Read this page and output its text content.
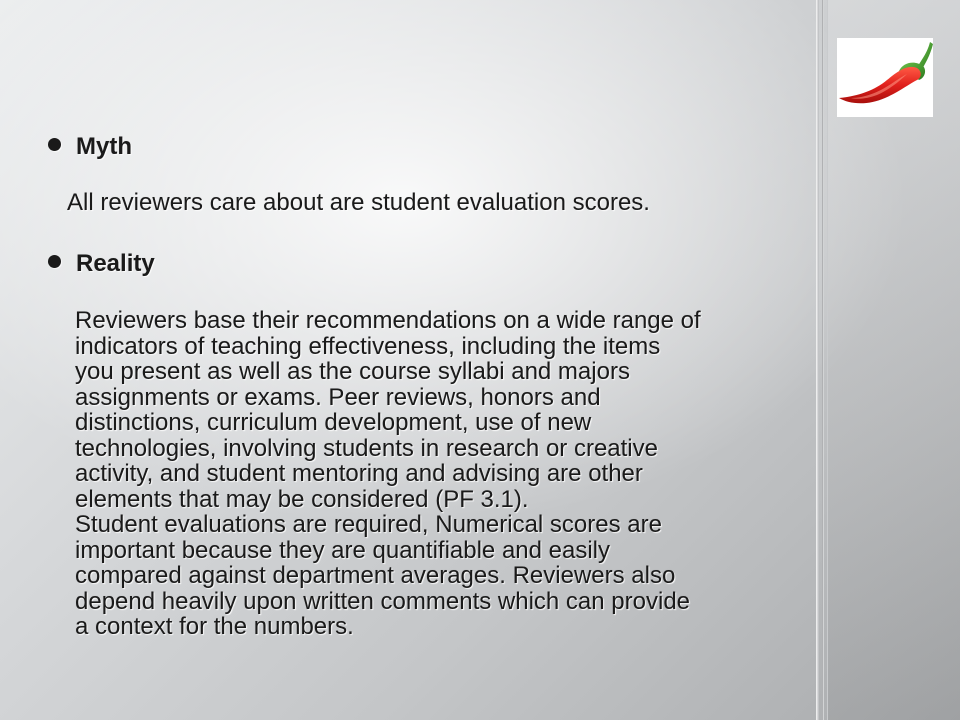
Myth
All reviewers care about are student evaluation scores.
Reality
Reviewers base their recommendations on a wide range of
indicators of teaching effectiveness, including the items
you present as well as the course syllabi and majors
assignments or exams. Peer reviews, honors and
distinctions, curriculum development, use of new
technologies, involving students in research or creative
activity, and student mentoring and advising are other
elements that may be considered (PF 3.1).
Student evaluations are required, Numerical scores are
important because they are quantifiable and easily
compared against department averages. Reviewers also
depend heavily upon written comments which can provide
a context for the numbers.
